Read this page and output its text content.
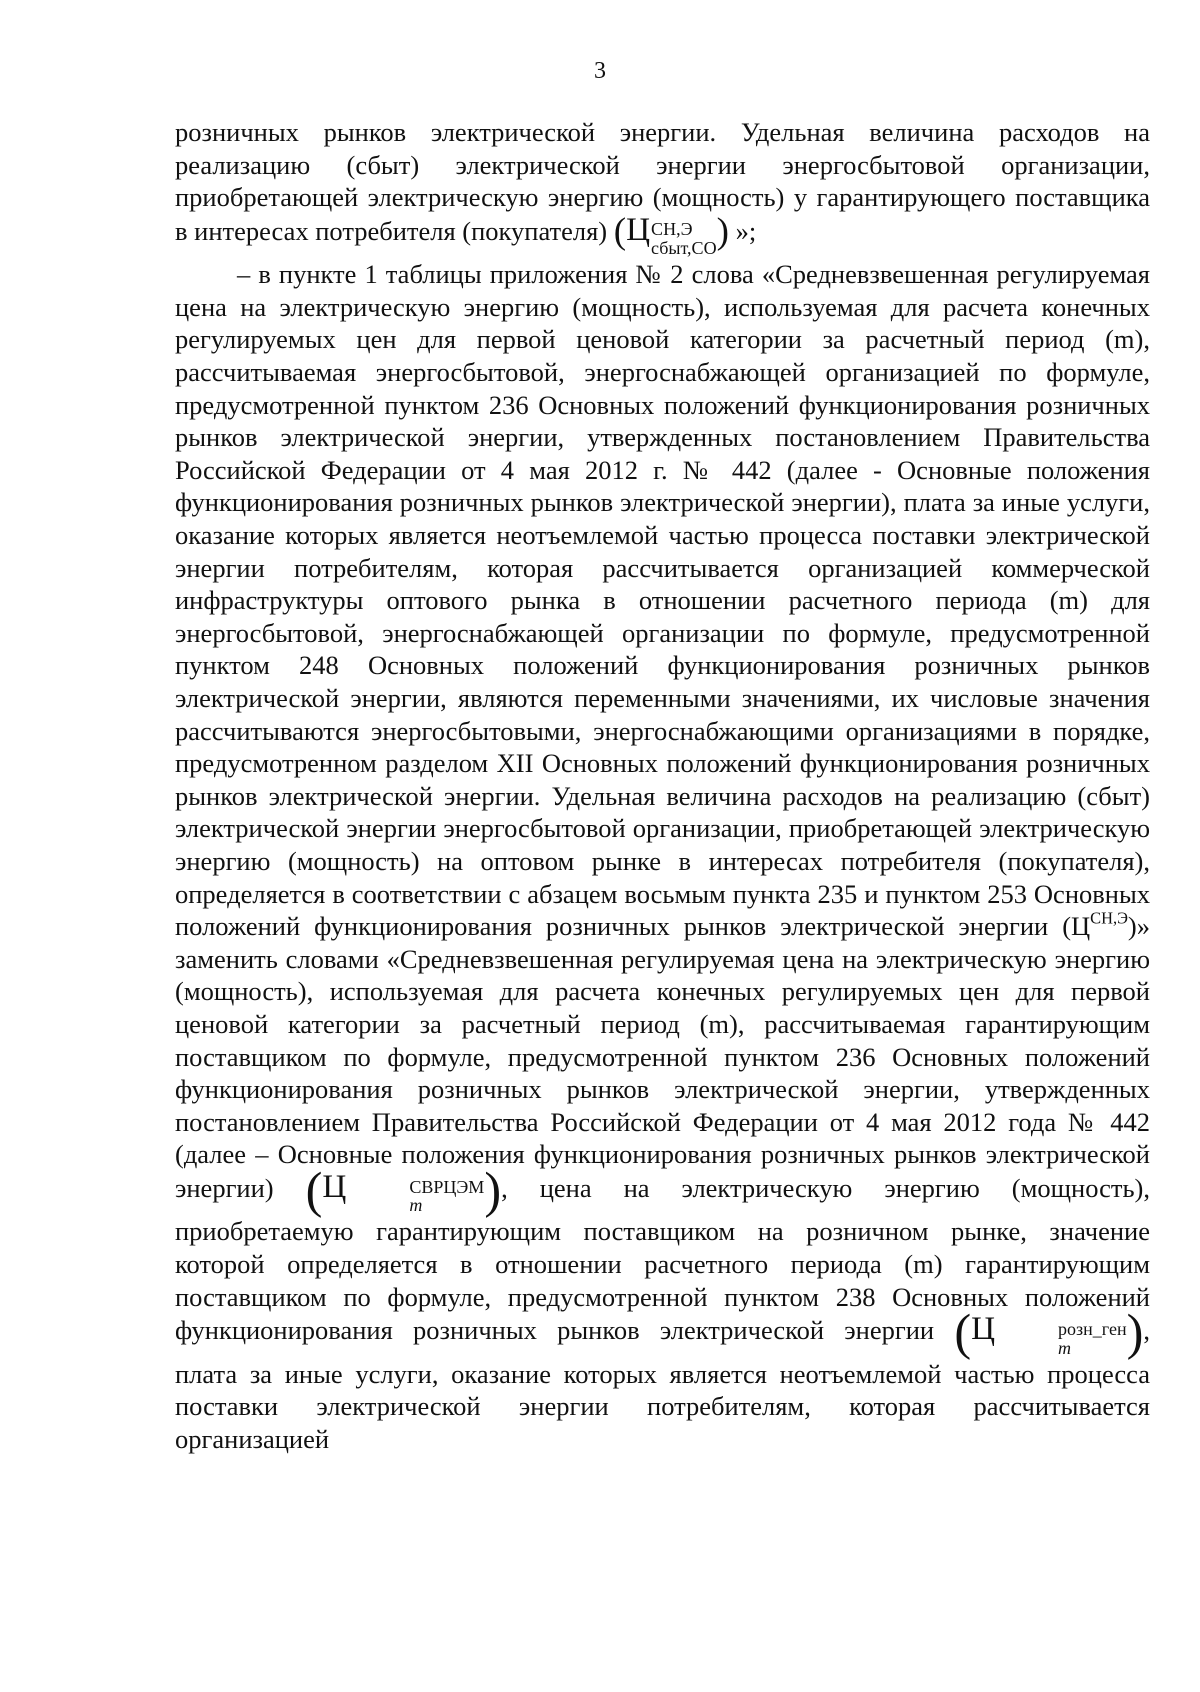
3

розничных рынков электрической энергии. Удельная величина расходов на реализацию (сбыт) электрической энергии энергосбытовой организации, приобретающей электрическую энергию (мощность) у гарантирующего поставщика в интересах потребителя (покупателя) (Ц СН,Э
сбыт,СО ) »;

– в пункте 1 таблицы приложения № 2 слова «Средневзвешенная регулируемая цена на электрическую энергию (мощность), используемая для расчета конечных регулируемых цен для первой ценовой категории за расчетный период (m), рассчитываемая энергосбытовой, энергоснабжающей организацией по формуле, предусмотренной пунктом 236 Основных положений функционирования розничных рынков электрической энергии, утвержденных постановлением Правительства Российской Федерации от 4 мая 2012 г. № 442 (далее - Основные положения функционирования розничных рынков электрической энергии), плата за иные услуги, оказание которых является неотъемлемой частью процесса поставки электрической энергии потребителям, которая рассчитывается организацией коммерческой инфраструктуры оптового рынка в отношении расчетного периода (m) для энергосбытовой, энергоснабжающей организации по формуле, предусмотренной пунктом 248 Основных положений функционирования розничных рынков электрической энергии, являются переменными значениями, их числовые значения рассчитываются энергосбытовыми, энергоснабжающими организациями в порядке, предусмотренном разделом XII Основных положений функционирования розничных рынков электрической энергии. Удельная величина расходов на реализацию (сбыт) электрической энергии энергосбытовой организации, приобретающей электрическую энергию (мощность) на оптовом рынке в интересах потребителя (покупателя), определяется в соответствии с абзацем восьмым пункта 235 и пунктом 253 Основных положений функционирования розничных рынков электрической энергии $(Ц^{СН,Э})$» заменить словами «Средневзвешенная регулируемая цена на электрическую энергию (мощность), используемая для расчета конечных регулируемых цен для первой ценовой категории за расчетный период (m), рассчитываемая гарантирующим поставщиком по формуле, предусмотренной пунктом 236 Основных положений функционирования розничных рынков электрической энергии, утвержденных постановлением Правительства Российской Федерации от 4 мая 2012 года № 442 (далее – Основные положения функционирования розничных рынков электрической энергии) (Ц	СВРЦЭМ
m	), цена на электрическую энергию (мощность), приобретаемую гарантирующим поставщиком на розничном рынке, значение которой определяется в отношении расчетного периода (m) гарантирующим поставщиком по формуле, предусмотренной пунктом 238 Основных положений функционирования розничных рынков электрической энергии (Ц	розн_ген
m	), плата за иные услуги, оказание которых является неотъемлемой частью процесса поставки электрической энергии потребителям, которая рассчитывается организацией
